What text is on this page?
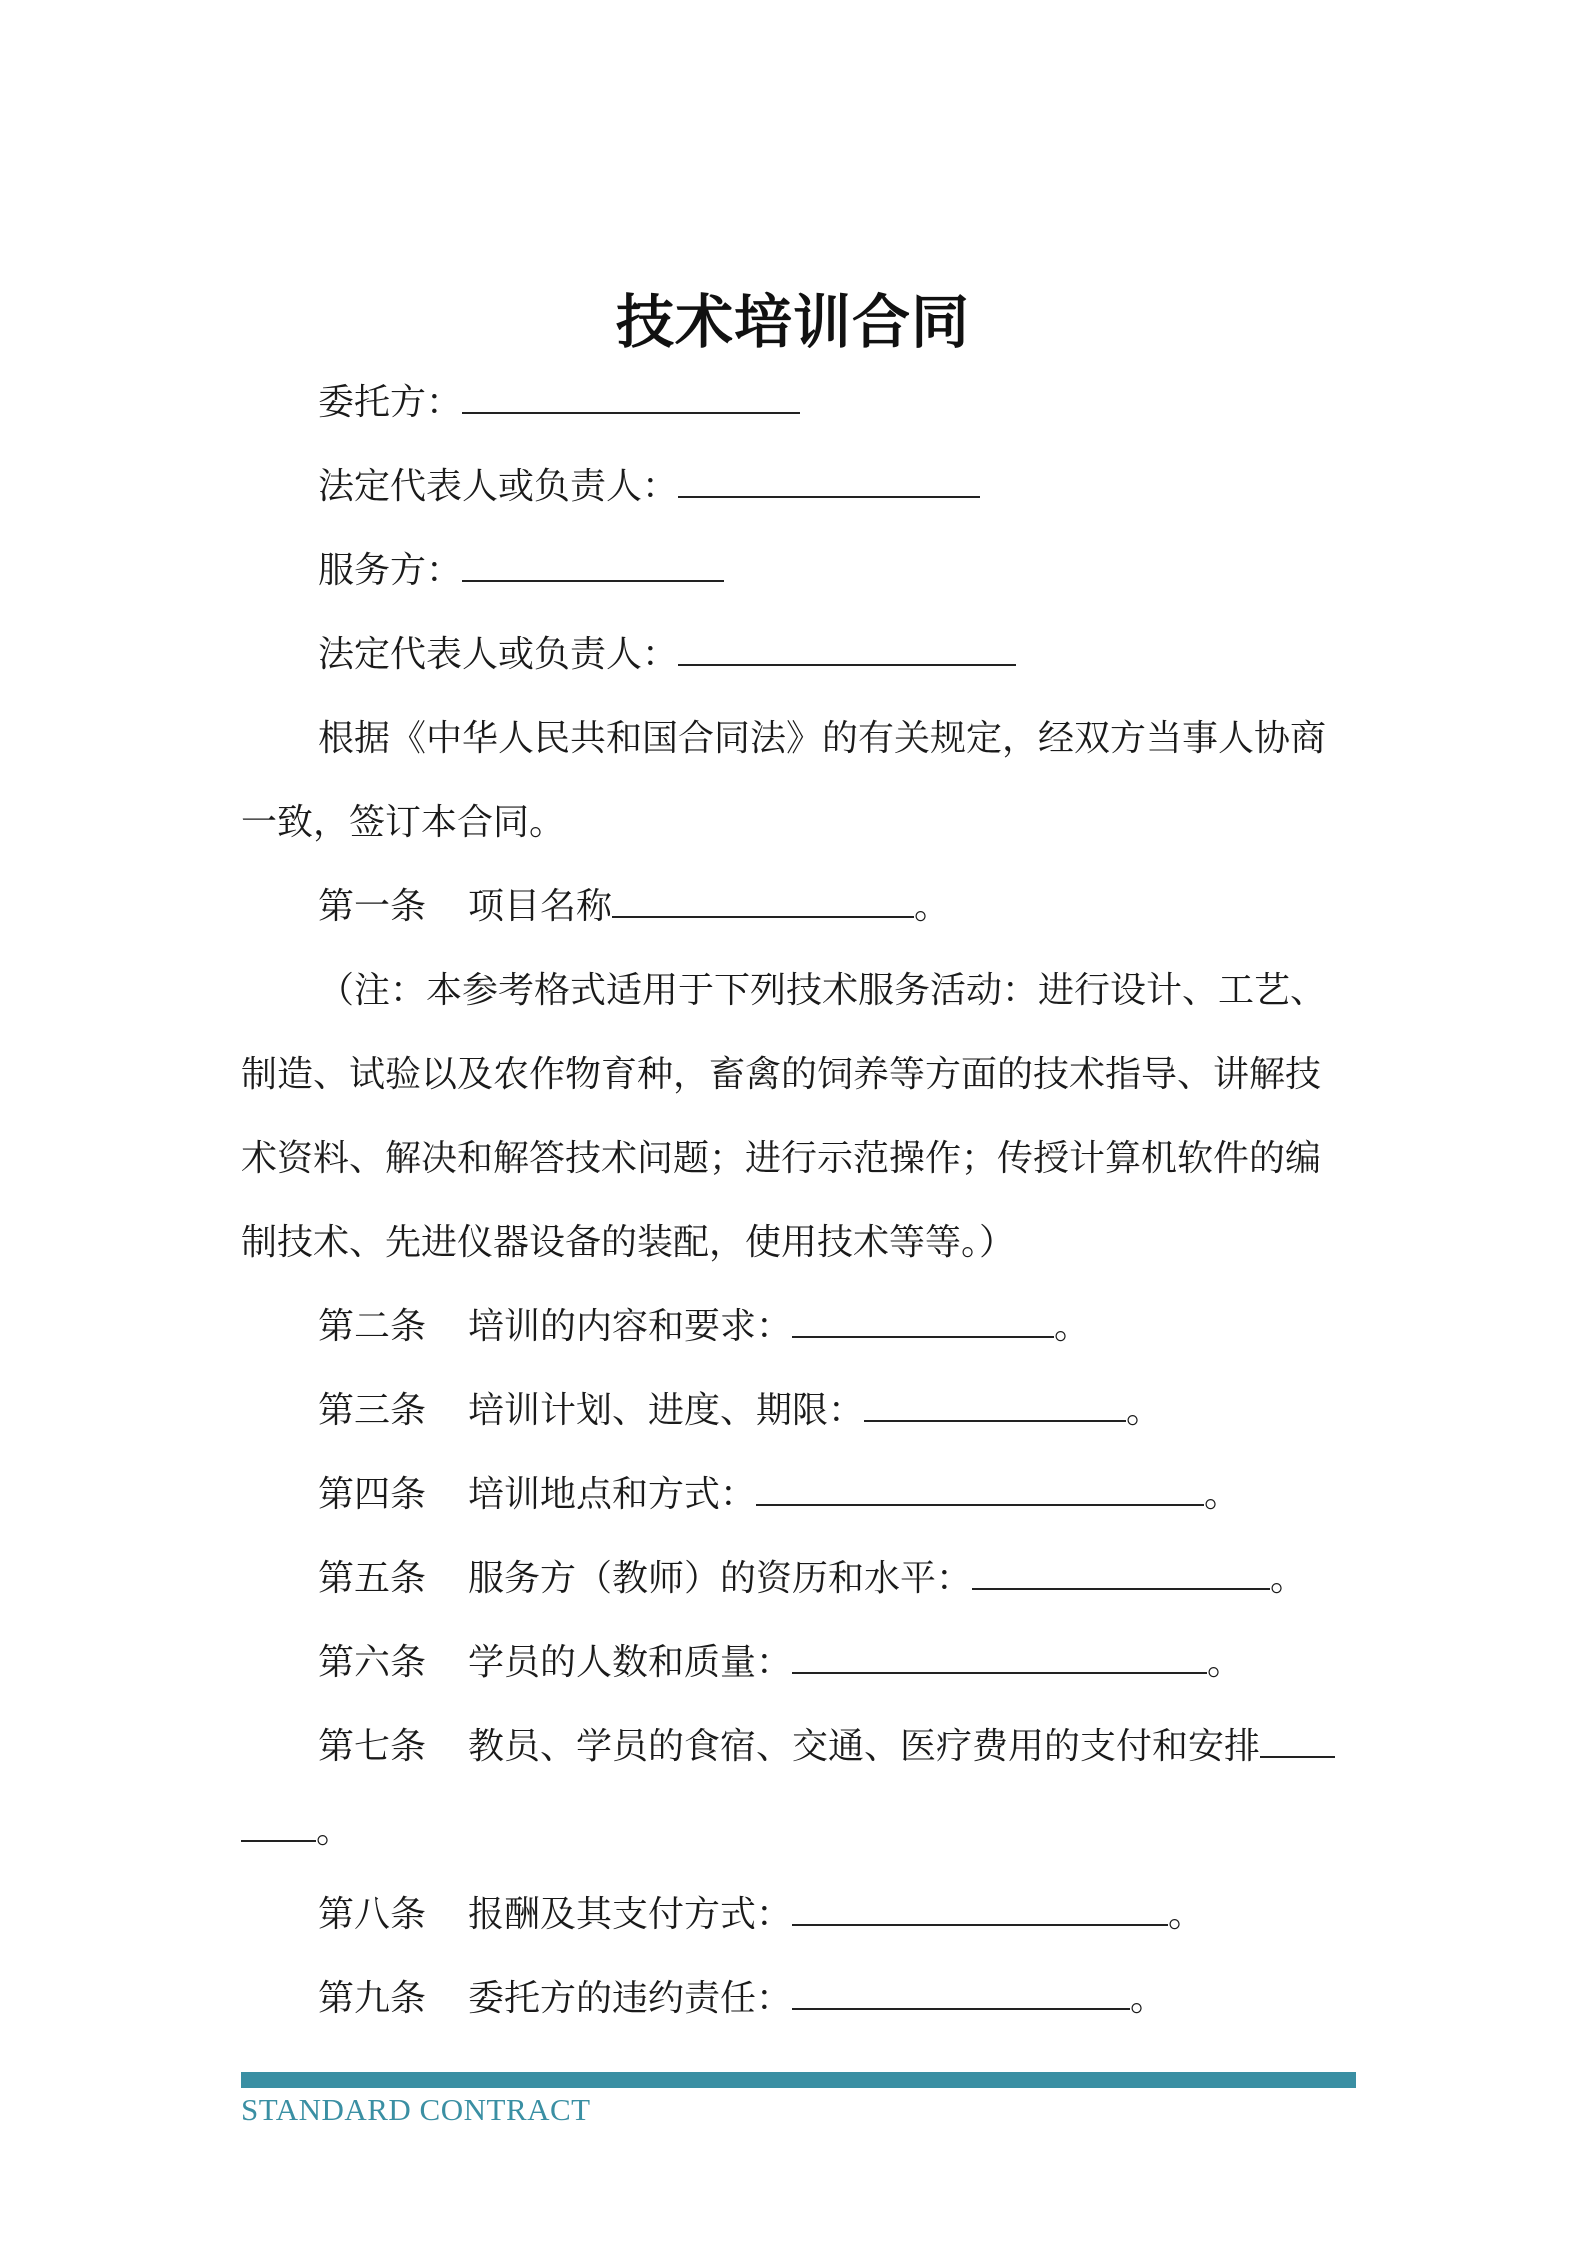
技术培训合同
委托方：
法定代表人或负责人：
服务方：
法定代表人或负责人：
根据《中华人民共和国合同法》的有关规定，经双方当事人协商
一致，签订本合同。
第一条 项目名称	。
（注：本参考格式适用于下列技术服务活动：进行设计、工艺、
制造、试验以及农作物育种，畜禽的饲养等方面的技术指导、讲解技
术资料、解决和解答技术问题；进行示范操作；传授计算机软件的编
制技术、先进仪器设备的装配，使用技术等等。）
第二条 培训的内容和要求：	。
第三条 培训计划、进度、期限：	。
第四条 培训地点和方式：	。
第五条 服务方（教师）的资历和水平：	。
第六条 学员的人数和质量：	。
第七条 教员、学员的食宿、交通、医疗费用的支付和安排
。
第八条 报酬及其支付方式：	。
第九条 委托方的违约责任：	。
STANDARD CONTRACT
